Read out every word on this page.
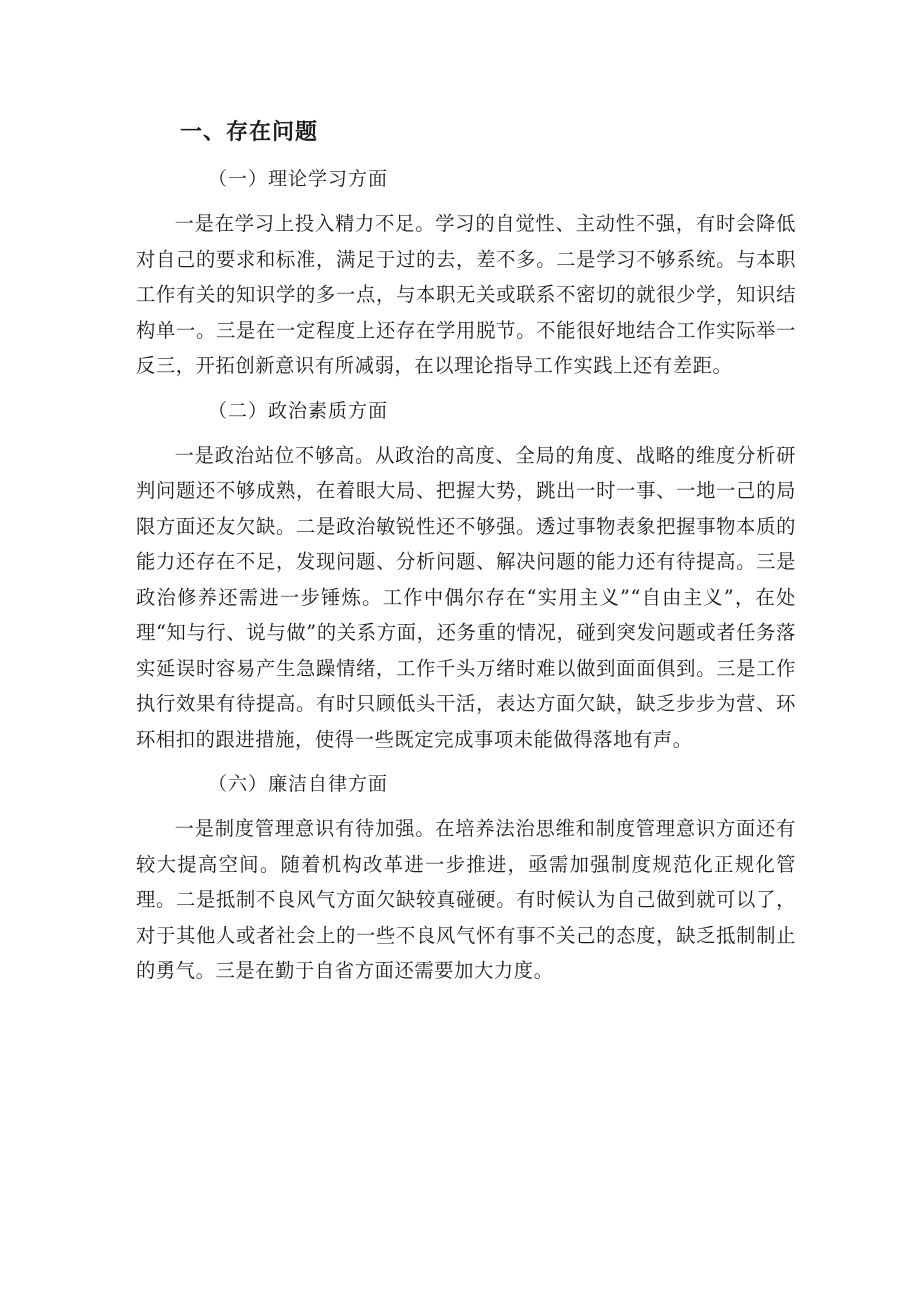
一、存在问题
（一）理论学习方面

一是在学习上投入精力不足。学习的自觉性、主动性不强，有时会降低对自己的要求和标准，满足于过的去，差不多。二是学习不够系统。与本职工作有关的知识学的多一点，与本职无关或联系不密切的就很少学，知识结构单一。三是在一定程度上还存在学用脱节。不能很好地结合工作实际举一反三，开拓创新意识有所减弱，在以理论指导工作实践上还有差距。

（二）政治素质方面

一是政治站位不够高。从政治的高度、全局的角度、战略的维度分析研判问题还不够成熟，在着眼大局、把握大势，跳出一时一事、一地一己的局限方面还友欠缺。二是政治敏锐性还不够强。透过事物表象把握事物本质的能力还存在不足，发现问题、分析问题、解决问题的能力还有待提高。三是政治修养还需进一步锤炼。工作中偶尔存在“实用主义”“自由主义”，在处理“知与行、说与做”的关系方面，还务重的情况，碰到突发问题或者任务落实延误时容易产生急躁情绪，工作千头万绪时难以做到面面俱到。三是工作执行效果有待提高。有时只顾低头干活，表达方面欠缺，缺乏步步为营、环环相扣的跟进措施，使得一些既定完成事项未能做得落地有声。

（六）廉洁自律方面

一是制度管理意识有待加强。在培养法治思维和制度管理意识方面还有较大提高空间。随着机构改革进一步推进，亟需加强制度规范化正规化管理。二是抵制不良风气方面欠缺较真碰硬。有时候认为自己做到就可以了，对于其他人或者社会上的一些不良风气怀有事不关己的态度，缺乏抵制制止的勇气。三是在勤于自省方面还需要加大力度。
